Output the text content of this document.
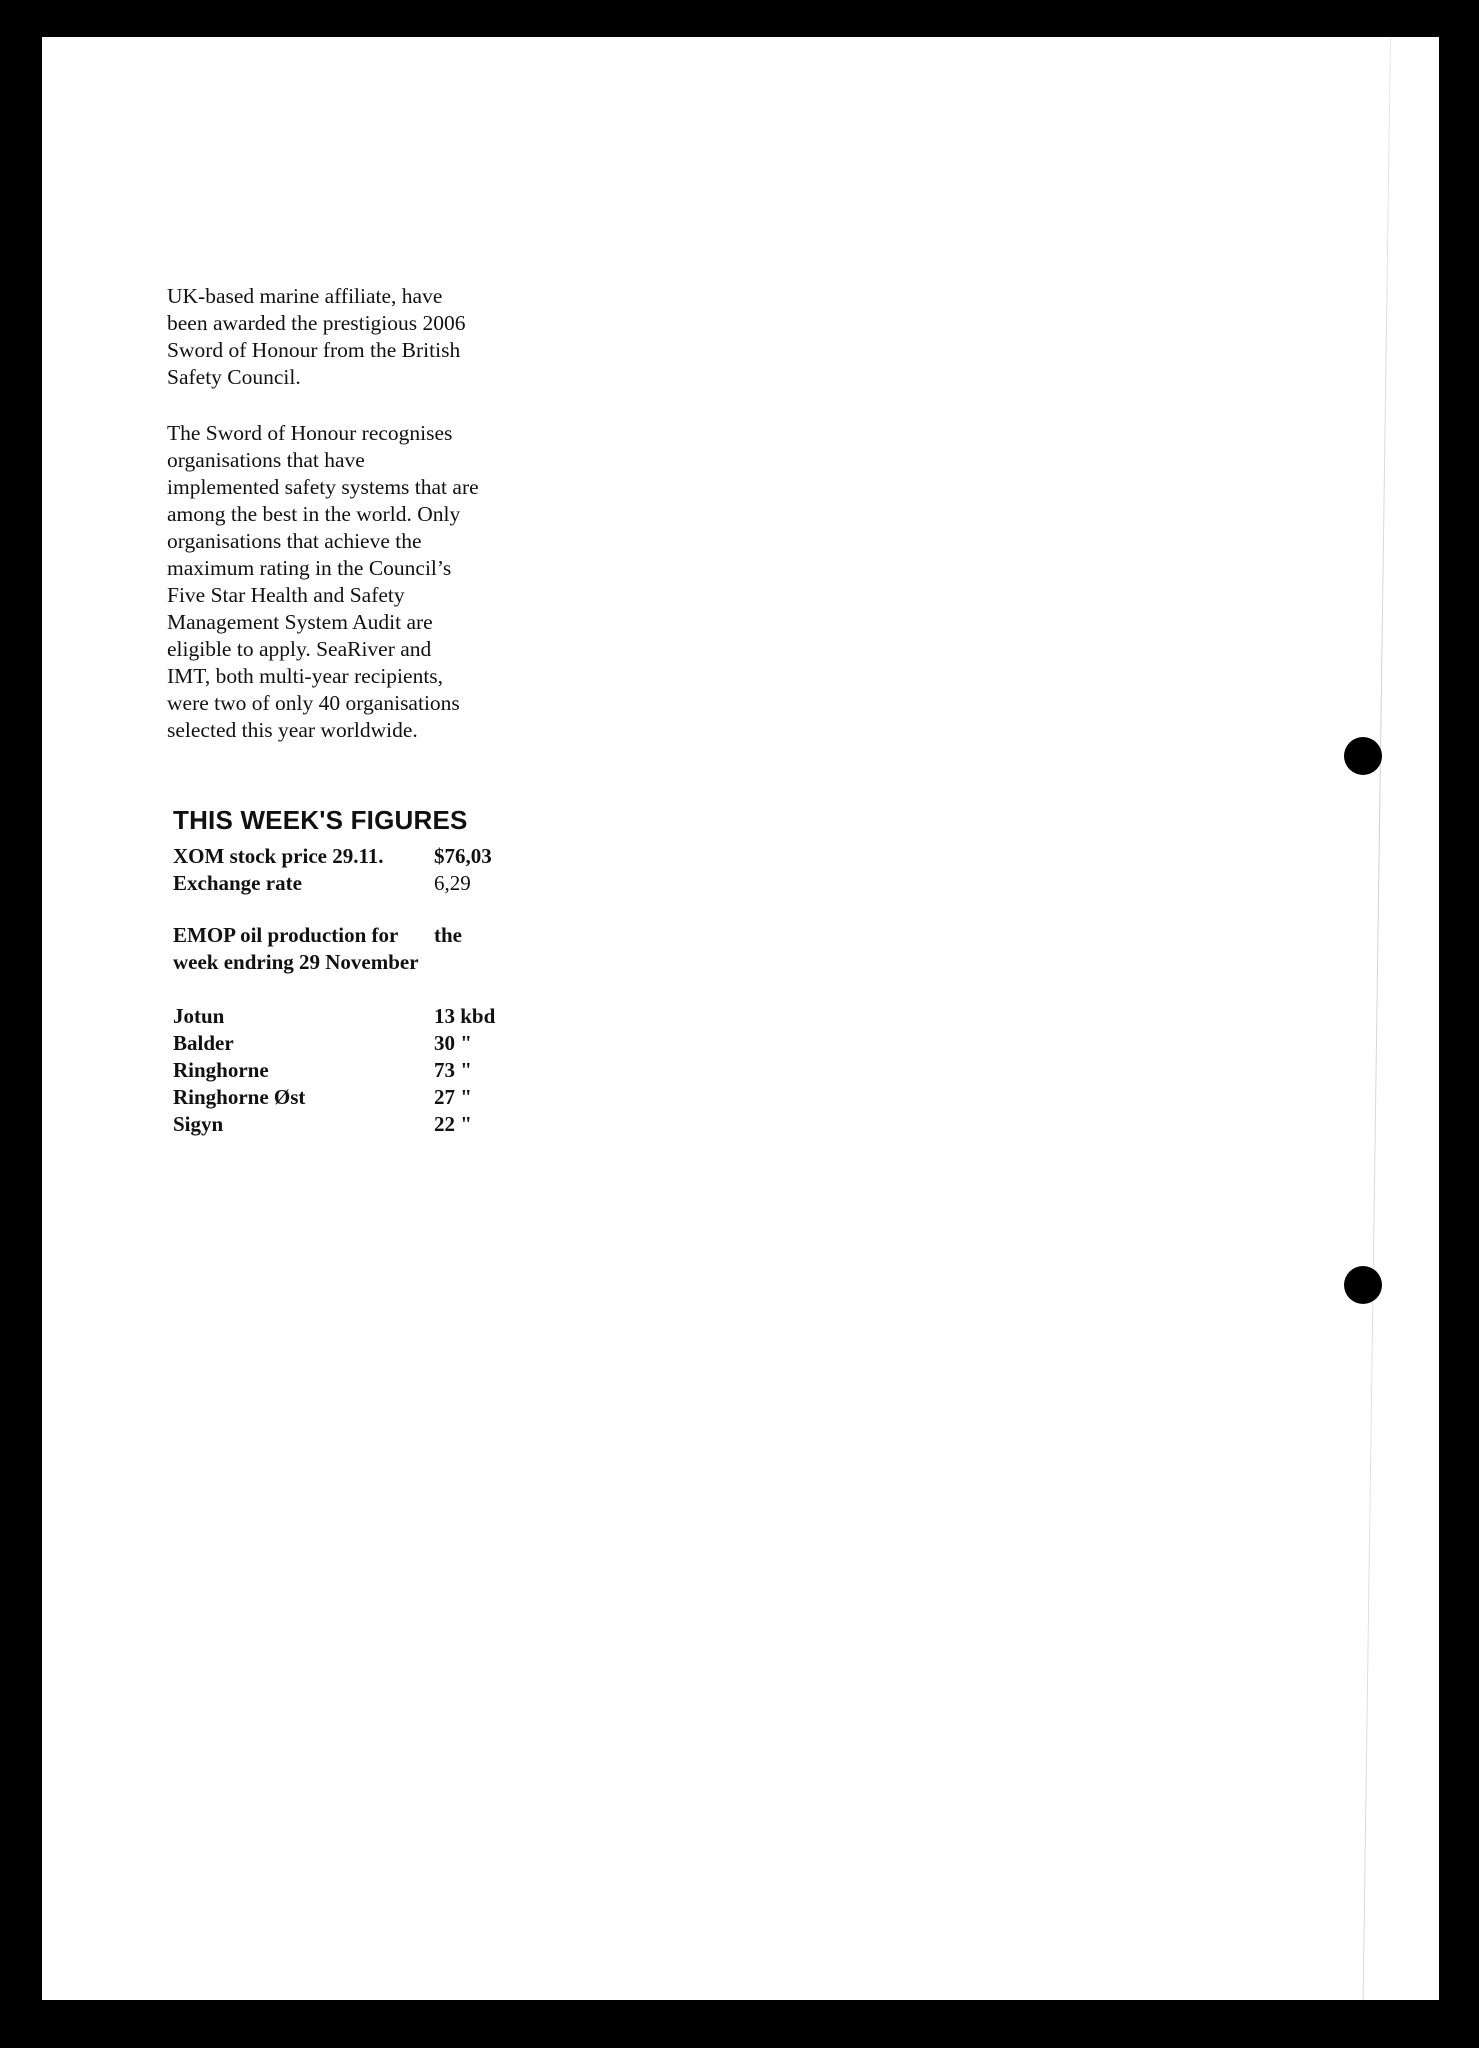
UK-based marine affiliate, have
been awarded the prestigious 2006
Sword of Honour from the British
Safety Council.
The Sword of Honour recognises
organisations that have
implemented safety systems that are
among the best in the world. Only
organisations that achieve the
maximum rating in the Council’s
Five Star Health and Safety
Management System Audit are
eligible to apply. SeaRiver and
IMT, both multi-year recipients,
were two of only 40 organisations
selected this year worldwide.
THIS WEEK'S FIGURES
XOM stock price 29.11. $76,03
Exchange rate	6,29
EMOP oil production for the
week endring 29 November
Jotun	13 kbd
Balder	30 "
Ringhorne	73 "
Ringhorne Øst	27 "
Sigyn	22 "
